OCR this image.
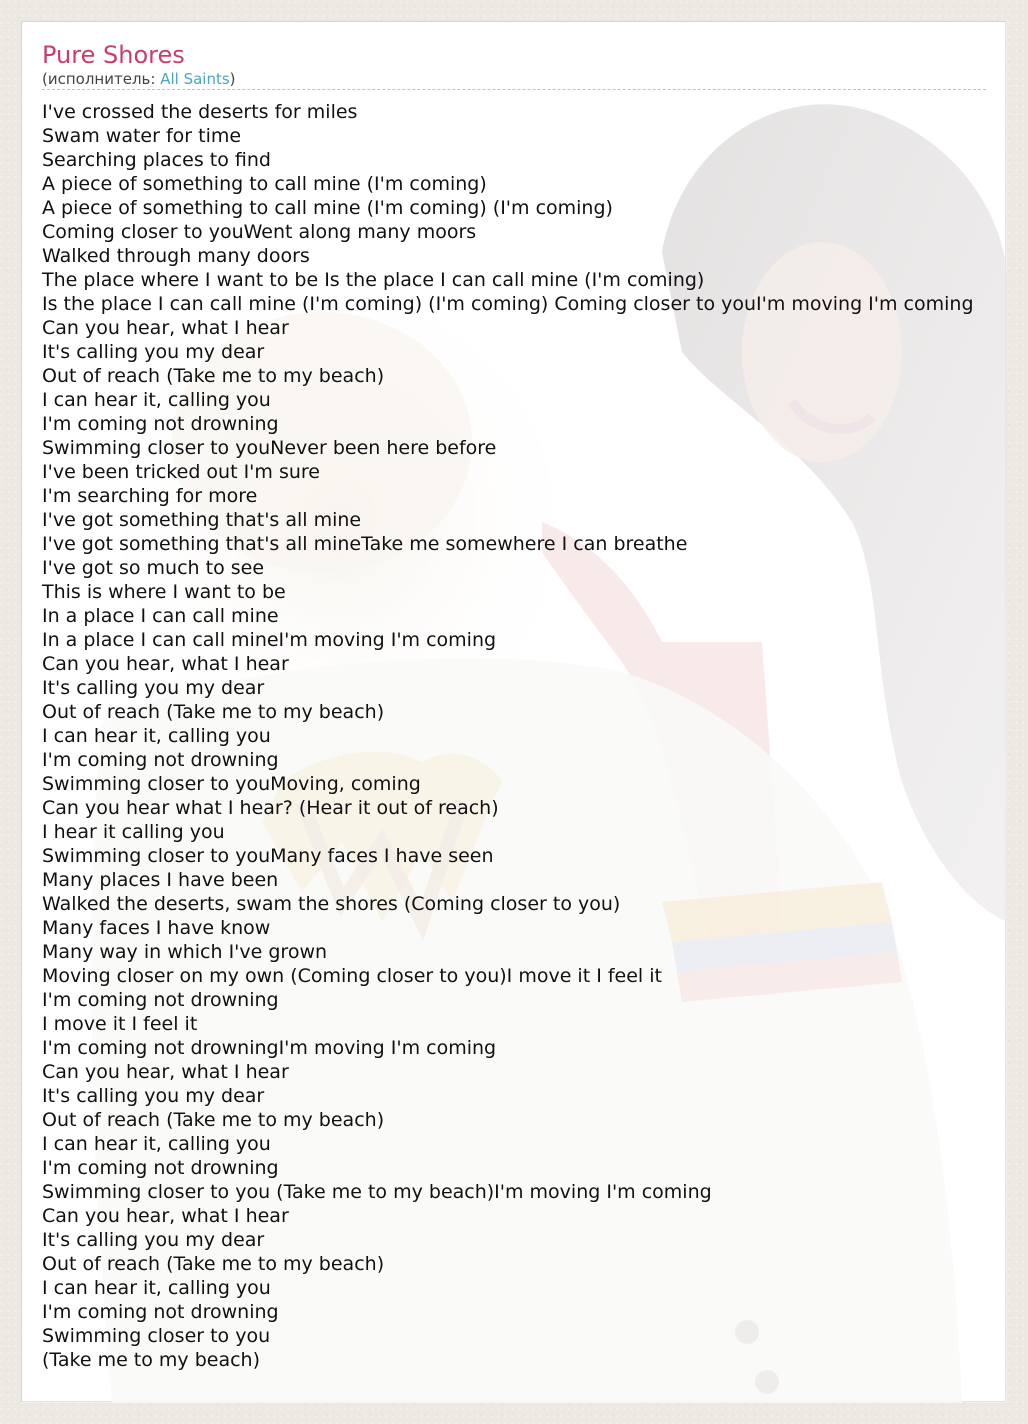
Pure Shores
(исполнитель: All Saints)
I've crossed the deserts for miles
Swam water for time
Searching places to find
A piece of something to call mine (I'm coming)
A piece of something to call mine (I'm coming) (I'm coming)
Coming closer to youWent along many moors
Walked through many doors
The place where I want to be Is the place I can call mine (I'm coming)
Is the place I can call mine (I'm coming) (I'm coming) Coming closer to youI'm moving I'm coming
Can you hear, what I hear
It's calling you my dear
Out of reach (Take me to my beach)
I can hear it, calling you
I'm coming not drowning
Swimming closer to youNever been here before
I've been tricked out I'm sure
I'm searching for more
I've got something that's all mine
I've got something that's all mineTake me somewhere I can breathe
I've got so much to see
This is where I want to be
In a place I can call mine
In a place I can call mineI'm moving I'm coming
Can you hear, what I hear
It's calling you my dear
Out of reach (Take me to my beach)
I can hear it, calling you
I'm coming not drowning
Swimming closer to youMoving, coming
Can you hear what I hear? (Hear it out of reach)
I hear it calling you
Swimming closer to youMany faces I have seen
Many places I have been
Walked the deserts, swam the shores (Coming closer to you)
Many faces I have know
Many way in which I've grown
Moving closer on my own (Coming closer to you)I move it I feel it
I'm coming not drowning
I move it I feel it
I'm coming not drowningI'm moving I'm coming
Can you hear, what I hear
It's calling you my dear
Out of reach (Take me to my beach)
I can hear it, calling you
I'm coming not drowning
Swimming closer to you (Take me to my beach)I'm moving I'm coming
Can you hear, what I hear
It's calling you my dear
Out of reach (Take me to my beach)
I can hear it, calling you
I'm coming not drowning
Swimming closer to you
(Take me to my beach)
